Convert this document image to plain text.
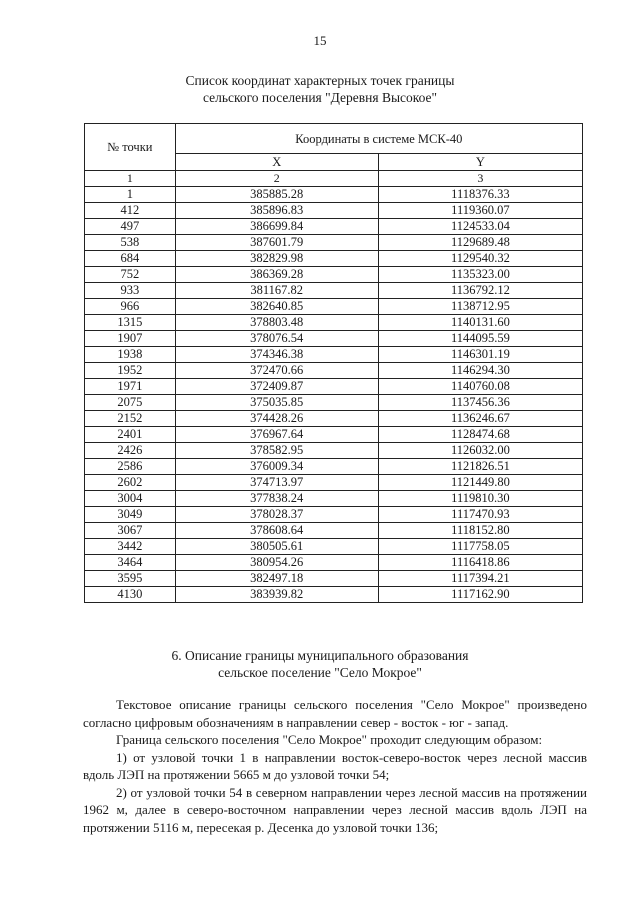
15
Список координат характерных точек границы
сельского поселения "Деревня Высокое"
№ точки	Координаты в системе МСК-40	
	X	Y
1	2	3
1	385885.28	1118376.33
412	385896.83	1119360.07
497	386699.84	1124533.04
538	387601.79	1129689.48
684	382829.98	1129540.32
752	386369.28	1135323.00
933	381167.82	1136792.12
966	382640.85	1138712.95
1315	378803.48	1140131.60
1907	378076.54	1144095.59
1938	374346.38	1146301.19
1952	372470.66	1146294.30
1971	372409.87	1140760.08
2075	375035.85	1137456.36
2152	374428.26	1136246.67
2401	376967.64	1128474.68
2426	378582.95	1126032.00
2586	376009.34	1121826.51
2602	374713.97	1121449.80
3004	377838.24	1119810.30
3049	378028.37	1117470.93
3067	378608.64	1118152.80
3442	380505.61	1117758.05
3464	380954.26	1116418.86
3595	382497.18	1117394.21
4130	383939.82	1117162.90
6. Описание границы муниципального образования
сельское поселение "Село Мокрое"

Текстовое описание границы сельского поселения "Село Мокрое" произведено согласно цифровым обозначениям в направлении север - восток - юг - запад.

Граница сельского поселения "Село Мокрое" проходит следующим образом:

1) от узловой точки 1 в направлении восток-северо-восток через лесной массив вдоль ЛЭП на протяжении 5665 м до узловой точки 54;

2) от узловой точки 54 в северном направлении через лесной массив на протяжении 1962 м, далее в северо-восточном направлении через лесной массив вдоль ЛЭП на протяжении 5116 м, пересекая р. Десенка до узловой точки 136;
